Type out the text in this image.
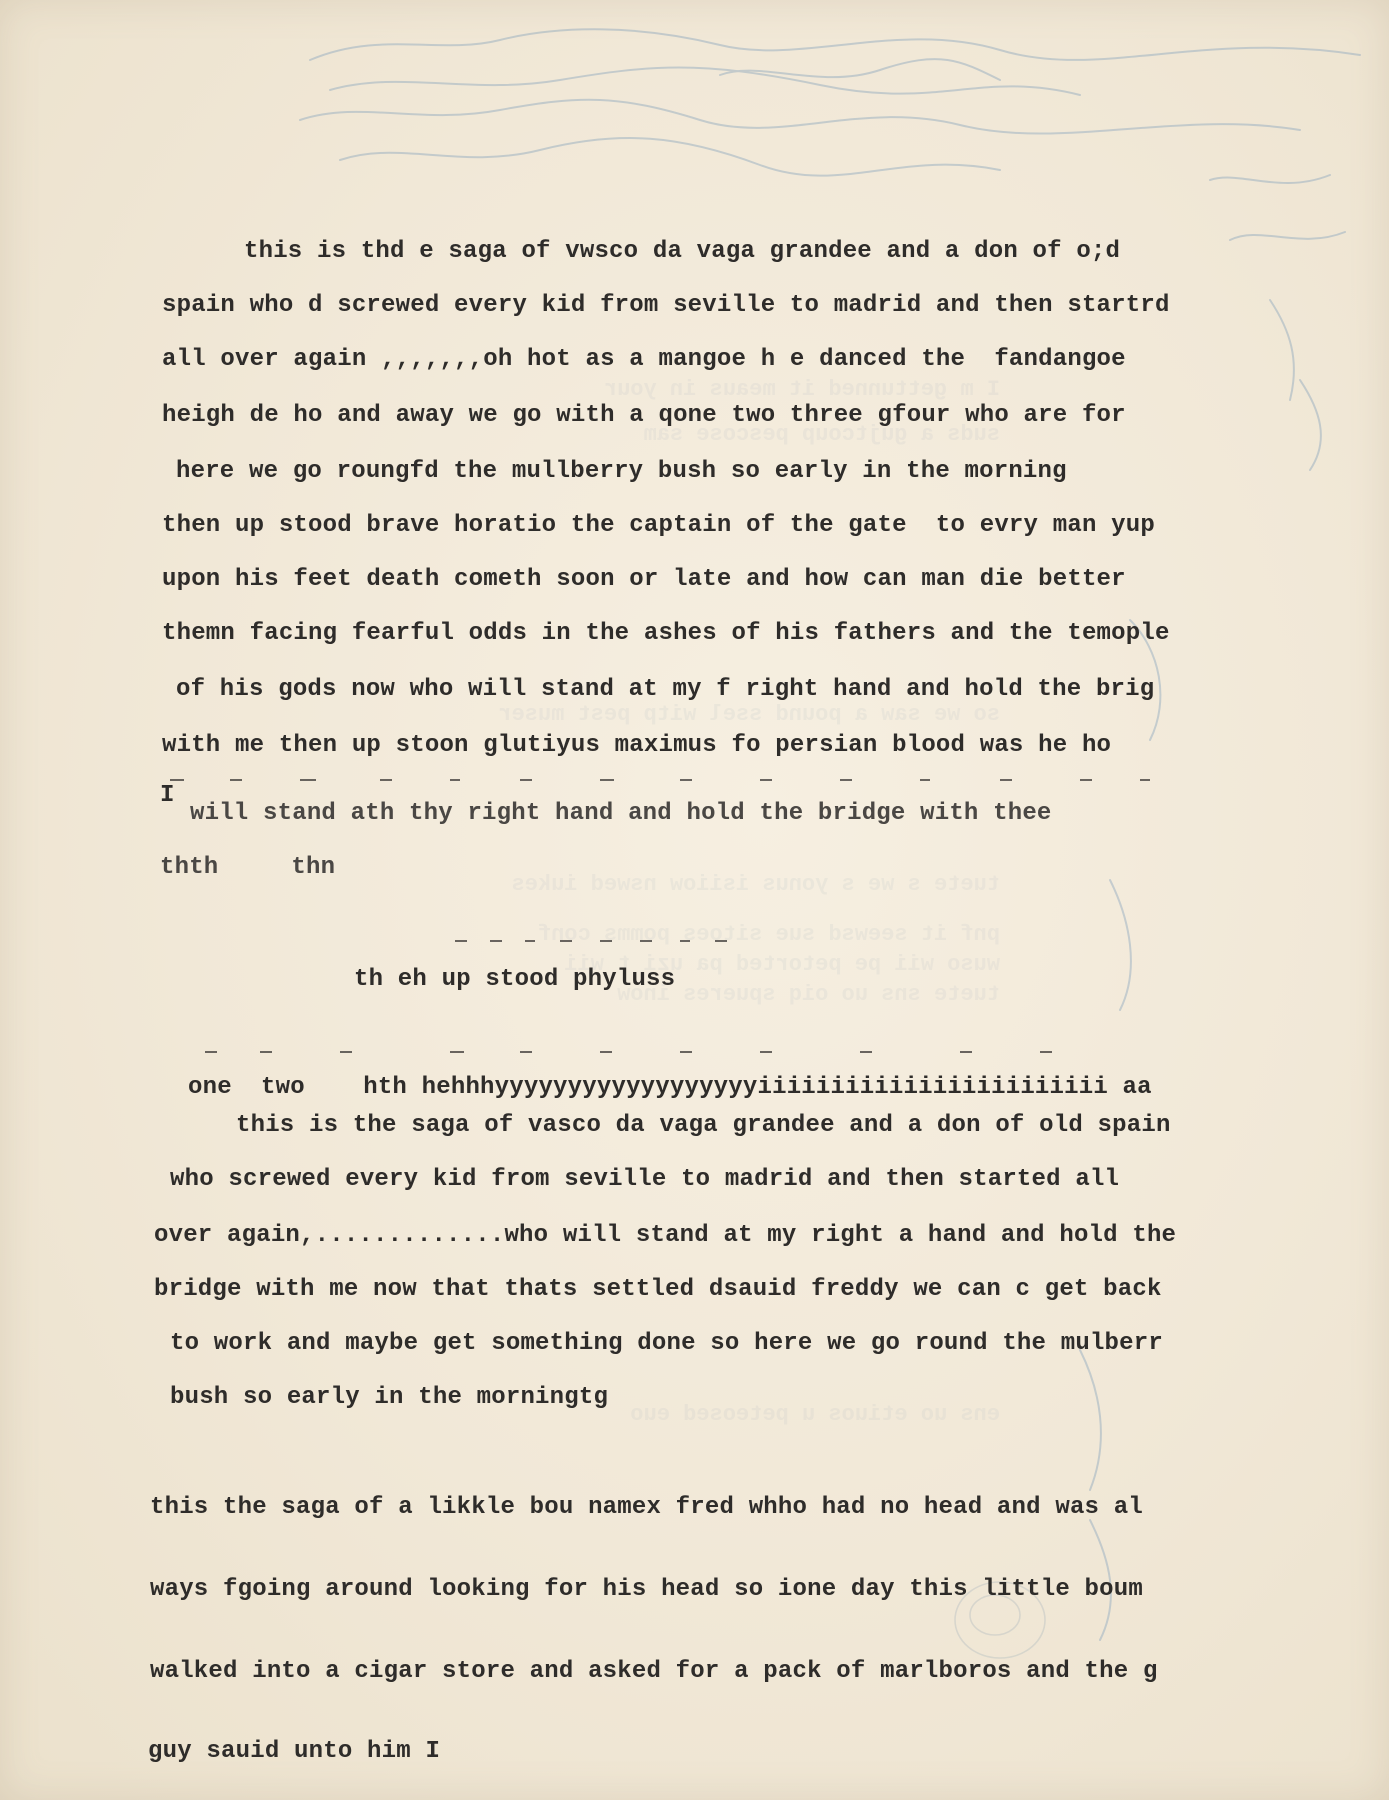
I m gettunned it meaus in your
suds a gujtcoup pescose sam
so we saw a pound ssel witp pest muser
tuete s we s yonus isiiow nswed iukes
pnf it seewsd sue sitoes pomms conf
wuso wii pe petorted pa uzi t wii
tuete sns uo oiq spueres inow
ens uo etiuos u peteosed euo
this is thd e saga of vwsco da vaga grandee and a don of o;d
spain who d screwed every kid from seville to madrid and then startrd
all over again ,,,,,,,oh hot as a mangoe h e danced the  fandangoe
heigh de ho and away we go with a qone two three gfour who are for
here we go roungfd the mullberry bush so early in the morning
then up stood brave horatio the captain of the gate  to evry man yup
upon his feet death cometh soon or late and how can man die better
themn facing fearful odds in the ashes of his fathers and the temople
of his gods now who will stand at my f right hand and hold the brig
with me then up stoon glutiyus maximus fo persian blood was he ho
I
will stand ath thy right hand and hold the bridge with thee
thth     thn
th eh up stood phyluss
one  two    hth hehhhyyyyyyyyyyyyyyyyyyiiiiiiiiiiiiiiiiiiiiiiii aa
this is the saga of vasco da vaga grandee and a don of old spain
who screwed every kid from seville to madrid and then started all
over again,.............who will stand at my right a hand and hold the
bridge with me now that thats settled dsauid freddy we can c get back
to work and maybe get something done so here we go round the mulberr
bush so early in the morningtg
this the saga of a likkle bou namex fred whho had no head and was al
ways fgoing around looking for his head so ione day this little boum
walked into a cigar store and asked for a pack of marlboros and the g
guy sauid unto him I
